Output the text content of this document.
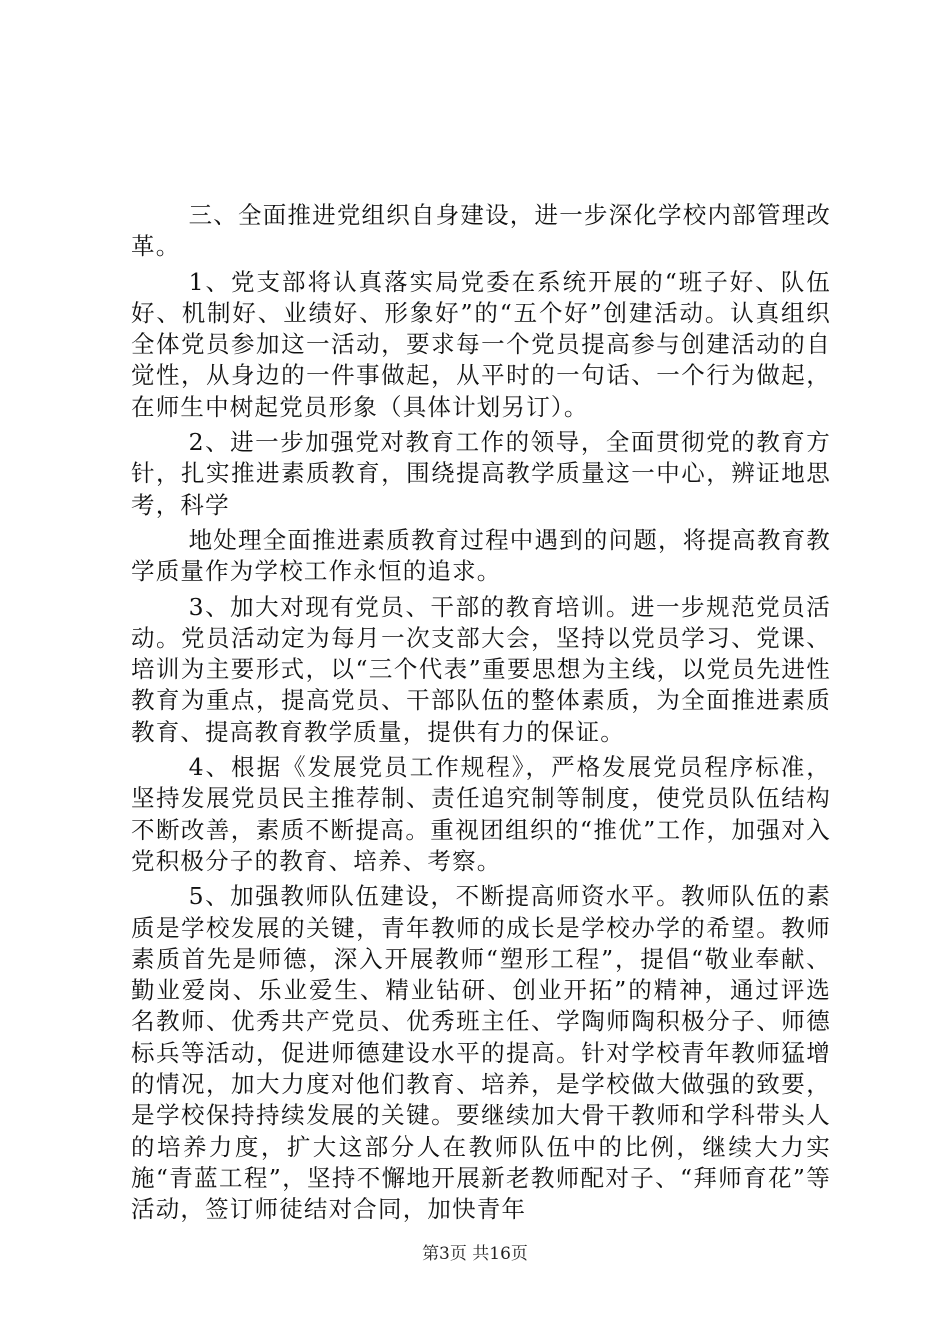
三、全面推进党组织自身建设，进一步深化学校内部管理改革。

1、党支部将认真落实局党委在系统开展的“班子好、队伍好、机制好、业绩好、形象好”的“五个好”创建活动。认真组织全体党员参加这一活动，要求每一个党员提高参与创建活动的自觉性，从身边的一件事做起，从平时的一句话、一个行为做起，在师生中树起党员形象（具体计划另订）。

2、进一步加强党对教育工作的领导，全面贯彻党的教育方针，扎实推进素质教育，围绕提高教学质量这一中心，辨证地思考，科学

地处理全面推进素质教育过程中遇到的问题，将提高教育教学质量作为学校工作永恒的追求。

3、加大对现有党员、干部的教育培训。进一步规范党员活动。党员活动定为每月一次支部大会，坚持以党员学习、党课、培训为主要形式，以“三个代表”重要思想为主线，以党员先进性教育为重点，提高党员、干部队伍的整体素质，为全面推进素质教育、提高教育教学质量，提供有力的保证。

4、根据《发展党员工作规程》，严格发展党员程序标准，坚持发展党员民主推荐制、责任追究制等制度，使党员队伍结构不断改善，素质不断提高。重视团组织的“推优”工作，加强对入党积极分子的教育、培养、考察。

5、加强教师队伍建设，不断提高师资水平。教师队伍的素质是学校发展的关键，青年教师的成长是学校办学的希望。教师素质首先是师德，深入开展教师“塑形工程”，提倡“敬业奉献、勤业爱岗、乐业爱生、精业钻研、创业开拓”的精神，通过评选名教师、优秀共产党员、优秀班主任、学陶师陶积极分子、师德标兵等活动，促进师德建设水平的提高。针对学校青年教师猛增的情况，加大力度对他们教育、培养，是学校做大做强的致要，是学校保持持续发展的关键。要继续加大骨干教师和学科带头人的培养力度，扩大这部分人在教师队伍中的比例，继续大力实施“青蓝工程”，坚持不懈地开展新老教师配对子、“拜师育花”等活动，签订师徒结对合同，加快青年

第3页 共16页
